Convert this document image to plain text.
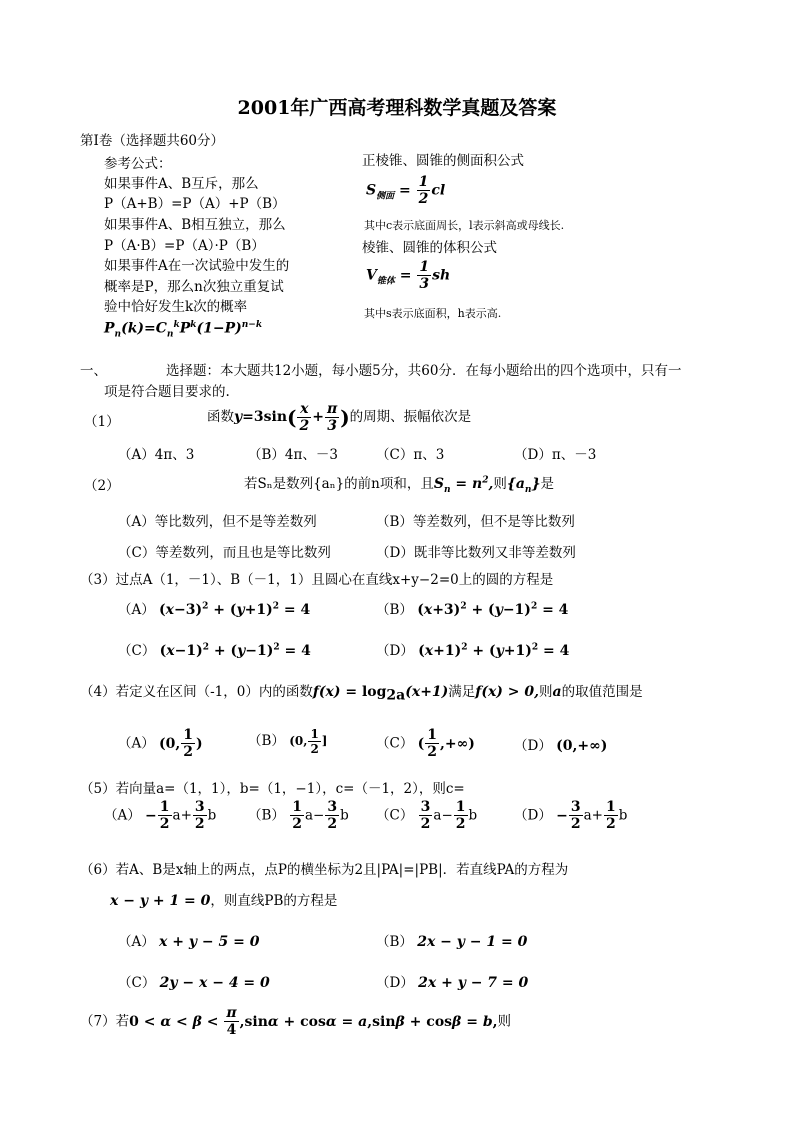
2001年广西高考理科数学真题及答案
第Ⅰ卷（选择题共60分）
参考公式：
如果事件A、B互斥，那么
P（A+B）=P（A）+P（B）
如果事件A、B相互独立，那么
P（A·B）=P（A）·P（B）
如果事件A在一次试验中发生的
概率是P，那么n次独立重复试
验中恰好发生k次的概率
$P_n(k)=C_n^kP^k(1-P)^{n-k}$
正棱锥、圆锥的侧面积公式
$S_{侧面} = \frac{1}{2}$ cl
其中c表示底面周长，l表示斜高或母线长.
棱锥、圆锥的体积公式
$V_{锥体} = \frac{1}{3}$ sh
其中s表示底面积，h表示高.
一、	选择题：本大题共12小题，每小题5分，共60分．在每小题给出的四个选项中，只有一
项是符合题目要求的.
（1）	函数$y=3\sin( \frac{x}{2} + \frac{\pi}{3}$ )的周期、振幅依次是
（A）4π、3	（B）4π、－3	（C）π、3	（D）π、－3
（2）	若Sₙ是数列{aₙ}的前n项和，且$S_n = n^2$,则$\{a_n\}$是
（A）等比数列，但不是等差数列	（B）等差数列，但不是等比数列
（C）等差数列，而且也是等比数列	（D）既非等比数列又非等差数列
（3）过点A（1，－1）、B（－1，1）且圆心在直线x+y−2=0上的圆的方程是
（A） $(x-3)^2 + (y+1)^2 = 4$	（B） $(x+3)^2 + (y-1)^2 = 4$
（C） $(x-1)^2 + (y-1)^2 = 4$	（D） $(x+1)^2 + (y+1)^2 = 4$
（4）若定义在区间（-1，0）内的函数$f(x) = \log_{2a}(x+1)$满足f(x) > 0,则a的取值范围是
（A） (0, $\frac{1}{2}$ )	（B） (0, $\frac{1}{2}$ ]	（C） ( $\frac{1}{2}$ ,+∞)	（D） (0,+∞)
（5）若向量a=（1，1），b=（1，−1），c=（－1，2），则c=
$(A) - \frac{1}{2} a+ \frac{3}{2}$ b $(B) \frac{1}{2} a- \frac{3}{2}$ b $(C) \frac{3}{2} a- \frac{1}{2}$ b	$(D) - \frac{3}{2} a+ \frac{1}{2}$ b
（6）若A、B是x轴上的两点，点P的横坐标为2且|PA|=|PB|．若直线PA的方程为
x − y + 1 = 0，则直线PB的方程是
（A） x + y − 5 = 0	（B） 2x − y − 1 = 0
（C） 2y − x − 4 = 0	（D） 2x + y − 7 = 0
（7）若$0 < \alpha < \beta < \frac{\pi}{4} ,\sin\alpha + \cos\alpha = a,\sin\beta + \cos\beta = b$,则
